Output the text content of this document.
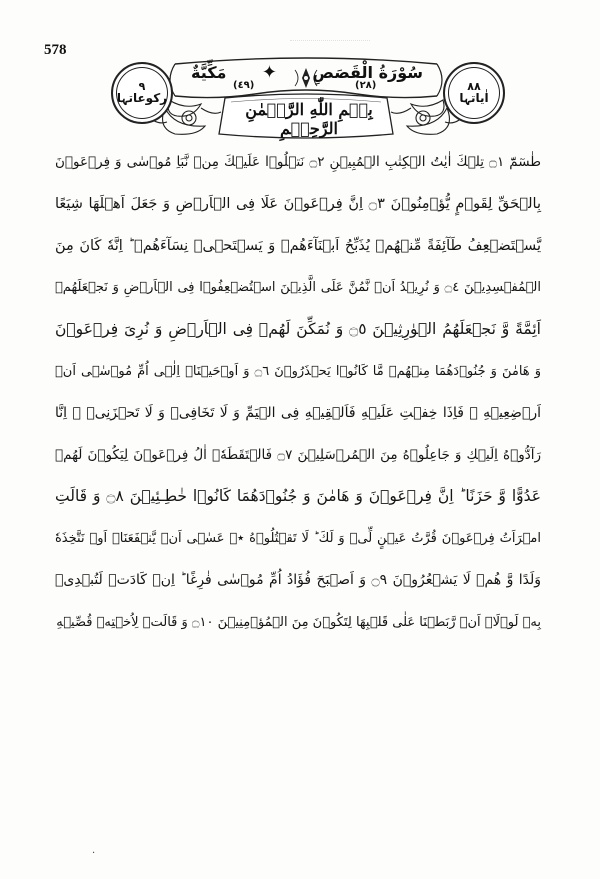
578
٨٨
اٰیاتہا
٩
رکوعاتہا
سُوْرَةُ الْقَصَصِ
✦
مَکِّیَّةٌ
(٢٨)
(٤٩)
بِسۡمِ اللّٰهِ الرَّحۡمٰنِ الرَّحِیۡمِ
طٰسٓمّٓ ۝١ تِلۡكَ اٰیٰتُ الۡكِتٰبِ الۡمُبِیۡنِ ۝٢ نَتۡلُوۡا عَلَیۡكَ مِنۡ نَّبَاِ مُوۡسٰى وَ فِرۡعَوۡنَ
بِالۡحَقِّ لِقَوۡمٍ یُّؤۡمِنُوۡنَ ۝٣ اِنَّ فِرۡعَوۡنَ عَلَا فِی الۡاَرۡضِ وَ جَعَلَ اَهۡلَهَا شِیَعًا
یَّسۡتَضۡعِفُ طَآئِفَةً مِّنۡهُمۡ یُذَبِّحُ اَبۡنَآءَهُمۡ وَ یَسۡتَحۡیٖ نِسَآءَهُمۡ ؕ اِنَّهٗ كَانَ مِنَ
الۡمُفۡسِدِیۡنَ ۝٤ وَ نُرِیۡدُ اَنۡ نَّمُنَّ عَلَى الَّذِیۡنَ اسۡتُضۡعِفُوۡا فِی الۡاَرۡضِ وَ نَجۡعَلَهُمۡ
اَئِمَّةً وَّ نَجۡعَلَهُمُ الۡوٰرِثِیۡنَ ۝٥ وَ نُمَكِّنَ لَهُمۡ فِی الۡاَرۡضِ وَ نُرِیَ فِرۡعَوۡنَ
وَ هَامٰنَ وَ جُنُوۡدَهُمَا مِنۡهُمۡ مَّا كَانُوۡا یَحۡذَرُوۡنَ ۝٦ وَ اَوۡحَیۡنَاۤ اِلٰۤى اُمِّ مُوۡسٰۤى اَنۡ
اَرۡضِعِیۡهِ ۚ فَاِذَا خِفۡتِ عَلَیۡهِ فَاَلۡقِیۡهِ فِی الۡیَمِّ وَ لَا تَخَافِیۡ وَ لَا تَحۡزَنِیۡ ۚ اِنَّا
رَآدُّوۡهُ اِلَیۡكِ وَ جَاعِلُوۡهُ مِنَ الۡمُرۡسَلِیۡنَ ۝٧ فَالۡتَقَطَهٗۤ اٰلُ فِرۡعَوۡنَ لِیَكُوۡنَ لَهُمۡ
عَدُوًّا وَّ حَزَنًا ؕ اِنَّ فِرۡعَوۡنَ وَ هَامٰنَ وَ جُنُوۡدَهُمَا كَانُوۡا خٰطِـئِیۡنَ ۝٨ وَ قَالَتِ
امۡرَاَتُ فِرۡعَوۡنَ قُرَّتُ عَیۡنٍ لِّیۡ وَ لَكَ ؕ لَا تَقۡتُلُوۡهُ ٭ۖ عَسٰۤى اَنۡ یَّنۡفَعَنَاۤ اَوۡ نَتَّخِذَهٗ
وَلَدًا وَّ هُمۡ لَا یَشۡعُرُوۡنَ ۝٩ وَ اَصۡبَحَ فُؤَادُ اُمِّ مُوۡسٰى فٰرِغًا ؕ اِنۡ كَادَتۡ لَتُبۡدِیۡ
بِهٖ لَوۡلَاۤ اَنۡ رَّبَطۡنَا عَلٰى قَلۡبِهَا لِتَكُوۡنَ مِنَ الۡمُؤۡمِنِیۡنَ ۝١٠ وَ قَالَتۡ لِاُخۡتِهٖ قُصِّیۡهِ
·
